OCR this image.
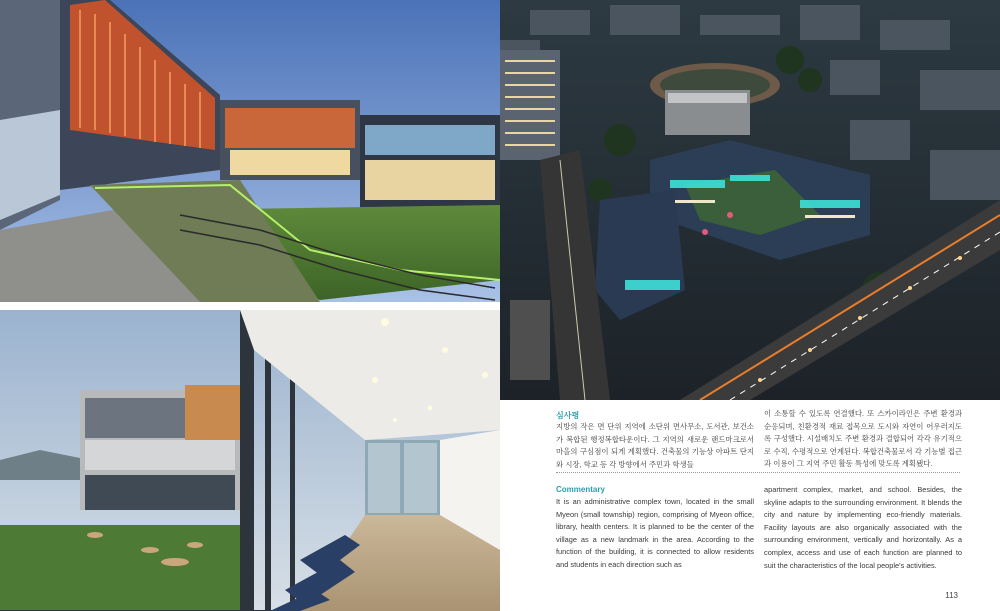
심사평

지방의 작은 면 단위 지역에 소단위 면사무소, 도서관, 보건소가 복합된 행정복합타운이다. 그 지역의 새로운 랜드마크로서 마을의 구심점이 되게 계획했다. 건축물의 기능상 아파트 단지와 시장, 학교 등 각 방향에서 주민과 학생들

이 소통할 수 있도록 연결했다. 또 스카이라인은 주변 환경과 순응되며, 친환경적 재료 접목으로 도시와 자연이 어우러지도록 구성했다. 시설배치도 주변 환경과 결합되어 각각 유기적으로 수직, 수평적으로 연계된다. 복합건축물로서 각 기능별 접근과 이용이 그 지역 주민 활동 특성에 맞도록 계획됐다.

Commentary

It is an administrative complex town, located in the small Myeon (small township) region, comprising of Myeon office, library, health centers. It is planned to be the center of the village as a new landmark in the area. According to the function of the building, it is connected to allow residents and students in each direction such as

apartment complex, market, and school. Besides, the skyline adapts to the surrounding environment. It blends the city and nature by implementing eco-friendly materials. Facility layouts are also organically associated with the surrounding environment, vertically and horizontally. As a complex, access and use of each function are planned to suit the characteristics of the local people's activities.

113
